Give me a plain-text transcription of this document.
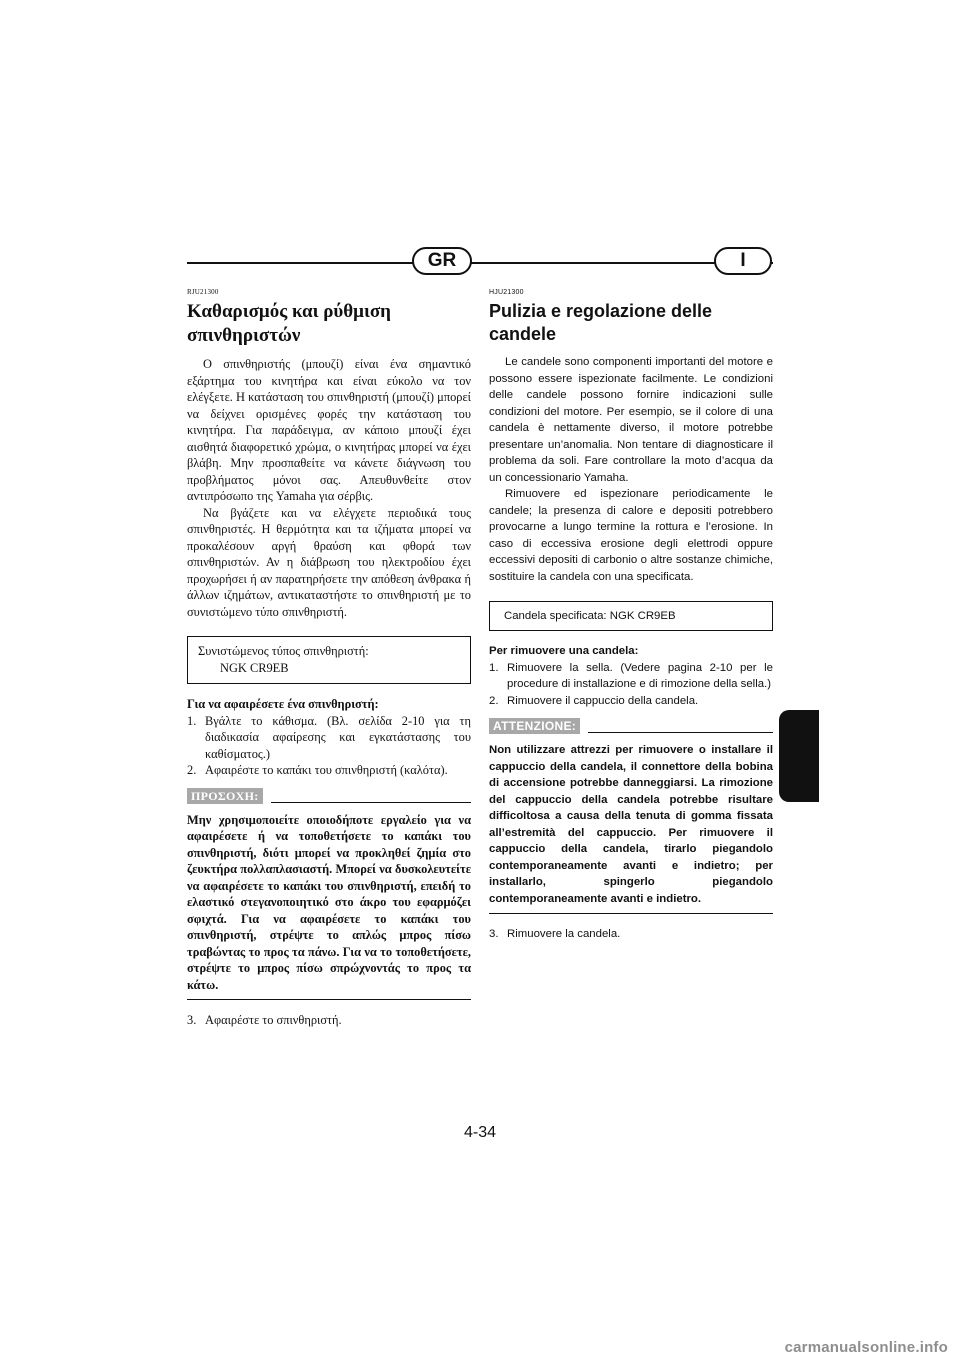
GR	I
RJU21300
Καθαρισμός και ρύθμιση σπινθηριστών

Ο σπινθηριστής (μπουζί) είναι ένα σημαντικό εξάρτημα του κινητήρα και είναι εύκολο να τον ελέγξετε. Η κατάσταση του σπινθηριστή (μπουζί) μπορεί να δείχνει ορισμένες φορές την κατάσταση του κινητήρα. Για παράδειγμα, αν κάποιο μπουζί έχει αισθητά διαφορετικό χρώμα, ο κινητήρας μπορεί να έχει βλάβη. Μην προσπαθείτε να κάνετε διάγνωση του προβλήματος μόνοι σας. Απευθυνθείτε στον αντιπρόσωπο της Yamaha για σέρβις.

Να βγάζετε και να ελέγχετε περιοδικά τους σπινθηριστές. Η θερμότητα και τα ιζήματα μπορεί να προκαλέσουν αργή θραύση και φθορά των σπινθηριστών. Αν η διάβρωση του ηλεκτροδίου έχει προχωρήσει ή αν παρατηρήσετε την απόθεση άνθρακα ή άλλων ιζημάτων, αντικαταστήστε το σπινθηριστή με το συνιστώμενο τύπο σπινθηριστή.

Συνιστώμενος τύπος σπινθηριστή:
NGK CR9EB

Για να αφαιρέσετε ένα σπινθηριστή:

1. Βγάλτε το κάθισμα. (Βλ. σελίδα 2-10 για τη διαδικασία αφαίρεσης και εγκατάστασης του καθίσματος.)
2. Αφαιρέστε το καπάκι του σπινθηριστή (καλότα).
ΠΡΟΣΟΧΗ:

Μην χρησιμοποιείτε οποιοδήποτε εργαλείο για να αφαιρέσετε ή να τοποθετήσετε το καπάκι του σπινθηριστή, διότι μπορεί να προκληθεί ζημία στο ζευκτήρα πολλαπλασιαστή. Μπορεί να δυσκολευτείτε να αφαιρέσετε το καπάκι του σπινθηριστή, επειδή το ελαστικό στεγανοποιητικό στο άκρο του εφαρμόζει σφιχτά. Για να αφαιρέσετε το καπάκι του σπινθηριστή, στρέψτε το απλώς μπρος πίσω τραβώντας το προς τα πάνω. Για να το τοποθετήσετε, στρέψτε το μπρος πίσω σπρώχνοντάς το προς τα κάτω.

3. Αφαιρέστε το σπινθηριστή.
HJU21300
Pulizia e regolazione delle candele

Le candele sono componenti importanti del motore e possono essere ispezionate facilmente. Le condizioni delle candele possono fornire indicazioni sulle condizioni del motore. Per esempio, se il colore di una candela è nettamente diverso, il motore potrebbe presentare un’anomalia. Non tentare di diagnosticare il problema da soli. Fare controllare la moto d’acqua da un concessionario Yamaha.

Rimuovere ed ispezionare periodicamente le candele; la presenza di calore e depositi potrebbero provocarne a lungo termine la rottura e l’erosione. In caso di eccessiva erosione degli elettrodi oppure eccessivi depositi di carbonio o altre sostanze chimiche, sostituire la candela con una specificata.

Candela specificata: NGK CR9EB

Per rimuovere una candela:

1. Rimuovere la sella. (Vedere pagina 2-10 per le procedure di installazione e di rimozione della sella.)
2. Rimuovere il cappuccio della candela.
ATTENZIONE:

Non utilizzare attrezzi per rimuovere o installare il cappuccio della candela, il connettore della bobina di accensione potrebbe danneggiarsi. La rimozione del cappuccio della candela potrebbe risultare difficoltosa a causa della tenuta di gomma fissata all’estremità del cappuccio. Per rimuovere il cappuccio della candela, tirarlo piegandolo contemporaneamente avanti e indietro; per installarlo, spingerlo piegandolo contemporaneamente avanti e indietro.

3. Rimuovere la candela.
4-34
carmanualsonline.info
